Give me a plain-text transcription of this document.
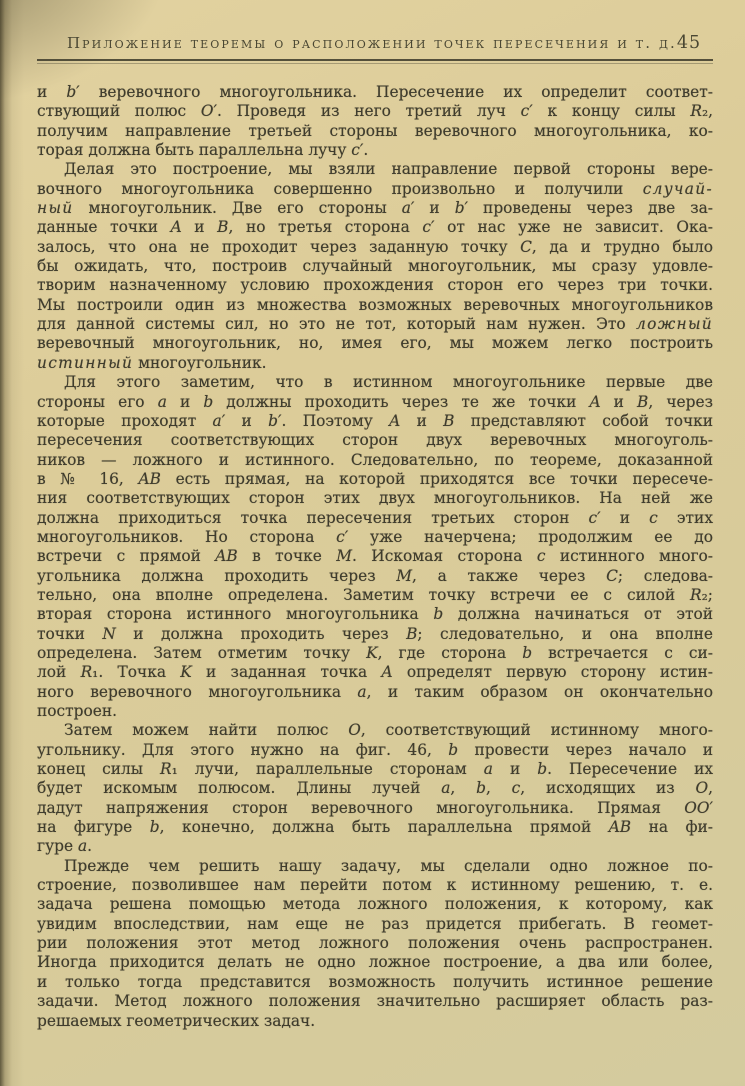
Приложение теоремы о расположении точек пересечения и т. д. 45
и b′ веревочного многоугольника. Пересечение их определит соответ-
ствующий полюс O′. Проведя из него третий луч c′ к концу силы R₂,
получим направление третьей стороны веревочного многоугольника, ко-
торая должна быть параллельна лучу c′.
Делая это построение, мы взяли направление первой стороны вере-
вочного многоугольника совершенно произвольно и получили случай-
ный многоугольник. Две его стороны a′ и b′ проведены через две за-
данные точки A и B, но третья сторона c′ от нас уже не зависит. Ока-
залось, что она не проходит через заданную точку C, да и трудно было
бы ожидать, что, построив случайный многоугольник, мы сразу удовле-
творим назначенному условию прохождения сторон его через три точки.
Мы построили один из множества возможных веревочных многоугольников
для данной системы сил, но это не тот, который нам нужен. Это ложный
веревочный многоугольник, но, имея его, мы можем легко построить
истинный многоугольник.
Для этого заметим, что в истинном многоугольнике первые две
стороны его a и b должны проходить через те же точки A и B, через
которые проходят a′ и b′. Поэтому A и B представляют собой точки
пересечения соответствующих сторон двух веревочных многоуголь-
ников — ложного и истинного. Следовательно, по теореме, доказанной
в № 16, AB есть прямая, на которой приходятся все точки пересече-
ния соответствующих сторон этих двух многоугольников. На ней же
должна приходиться точка пересечения третьих сторон c′ и c этих
многоугольников. Но сторона c′ уже начерчена; продолжим ее до
встречи с прямой AB в точке M. Искомая сторона c истинного много-
угольника должна проходить через M, а также через C; следова-
тельно, она вполне определена. Заметим точку встречи ее с силой R₂;
вторая сторона истинного многоугольника b должна начинаться от этой
точки N и должна проходить через B; следовательно, и она вполне
определена. Затем отметим точку K, где сторона b встречается с си-
лой R₁. Точка K и заданная точка A определят первую сторону истин-
ного веревочного многоугольника a, и таким образом он окончательно
построен.
Затем можем найти полюс O, соответствующий истинному много-
угольнику. Для этого нужно на фиг. 46, b провести через начало и
конец силы R₁ лучи, параллельные сторонам a и b. Пересечение их
будет искомым полюсом. Длины лучей a, b, c, исходящих из O,
дадут напряжения сторон веревочного многоугольника. Прямая OO′
на фигуре b, конечно, должна быть параллельна прямой AB на фи-
гуре a.
Прежде чем решить нашу задачу, мы сделали одно ложное по-
строение, позволившее нам перейти потом к истинному решению, т. е.
задача решена помощью метода ложного положения, к которому, как
увидим впоследствии, нам еще не раз придется прибегать. В геомет-
рии положения этот метод ложного положения очень распространен.
Иногда приходится делать не одно ложное построение, а два или более,
и только тогда представится возможность получить истинное решение
задачи. Метод ложного положения значительно расширяет область раз-
решаемых геометрических задач.
